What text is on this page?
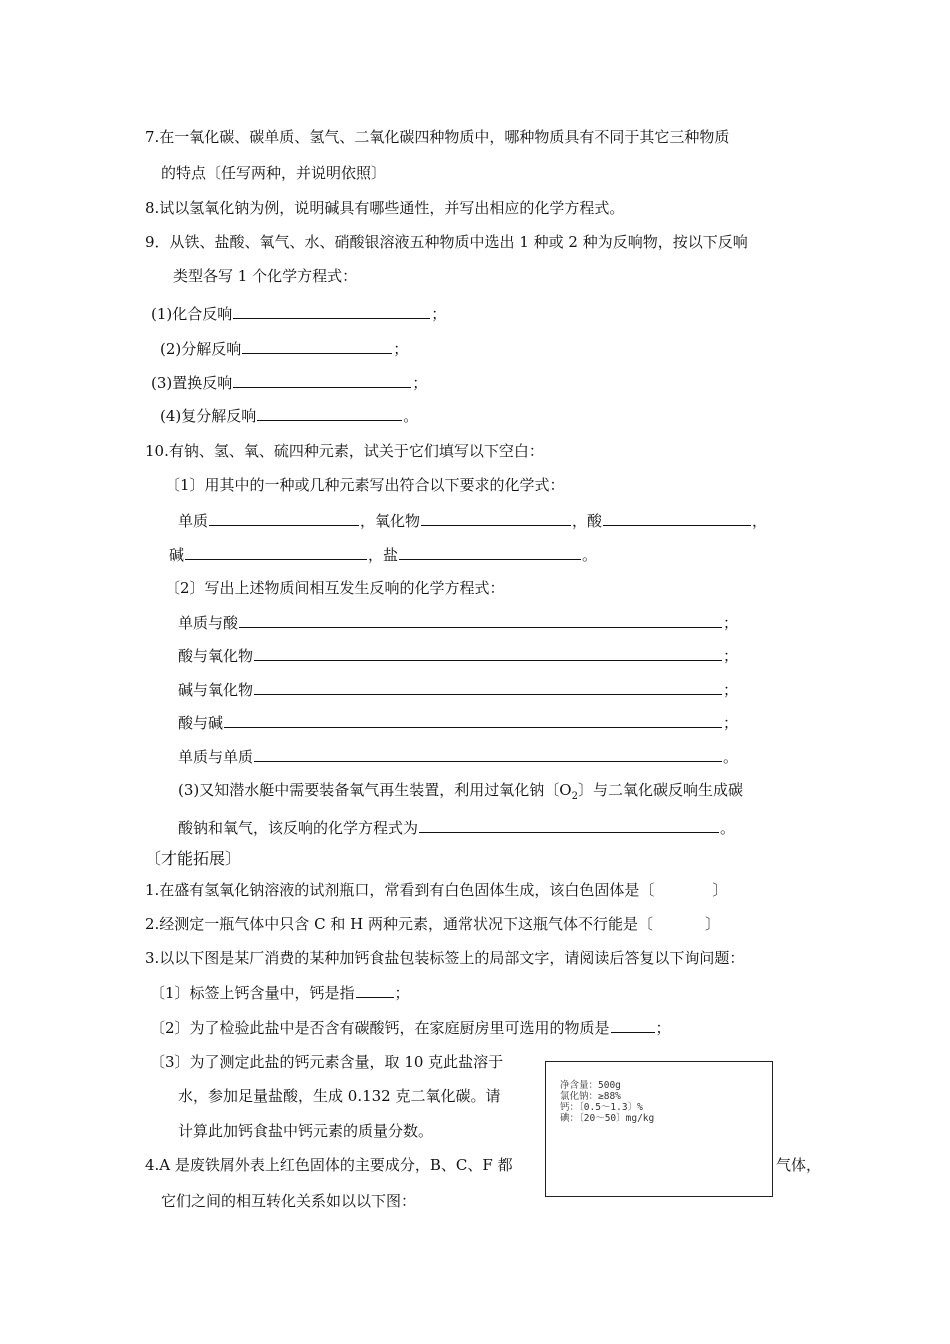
7.在一氧化碳、碳单质、氢气、二氧化碳四种物质中，哪种物质具有不同于其它三种物质
的特点〔任写两种，并说明依照〕
8.试以氢氧化钠为例，说明碱具有哪些通性，并写出相应的化学方程式。
9．从铁、盐酸、氧气、水、硝酸银溶液五种物质中选出 1 种或 2 种为反响物，按以下反响
类型各写 1 个化学方程式：
(1)化合反响	；
(2)分解反响	；
(3)置换反响	；
(4)复分解反响	。
10.有钠、氢、氧、硫四种元素，试关于它们填写以下空白：
〔1〕用其中的一种或几种元素写出符合以下要求的化学式：
单质	，氧化物	，酸	，
碱	，盐	。
〔2〕写出上述物质间相互发生反响的化学方程式：
单质与酸	；
酸与氧化物	；
碱与氧化物	；
酸与碱	；
单质与单质	。
(3)又知潜水艇中需要装备氧气再生装置，利用过氧化钠〔$O_2$〕与二氧化碳反响生成碳
酸钠和氧气，该反响的化学方程式为	。
〔才能拓展〕
1.在盛有氢氧化钠溶液的试剂瓶口，常看到有白色固体生成，该白色固体是〔	〕
2.经测定一瓶气体中只含 C 和 H 两种元素，通常状况下这瓶气体不行能是〔	〕
3.以以下图是某厂消费的某种加钙食盐包装标签上的局部文字，请阅读后答复以下询问题：
〔1〕标签上钙含量中，钙是指	；
〔2〕为了检验此盐中是否含有碳酸钙，在家庭厨房里可选用的物质是	；
〔3〕为了测定此盐的钙元素含量，取 10 克此盐溶于
水，参加足量盐酸，生成 0.132 克二氧化碳。请
计算此加钙食盐中钙元素的质量分数。
4.A 是废铁屑外表上红色固体的主要成分，B、C、F 都	气体，
它们之间的相互转化关系如以以下图：
净含量：500g
氯化钠：≥88%
钙：〔0.5～1.3〕%
碘：〔20～50〕mg/kg
